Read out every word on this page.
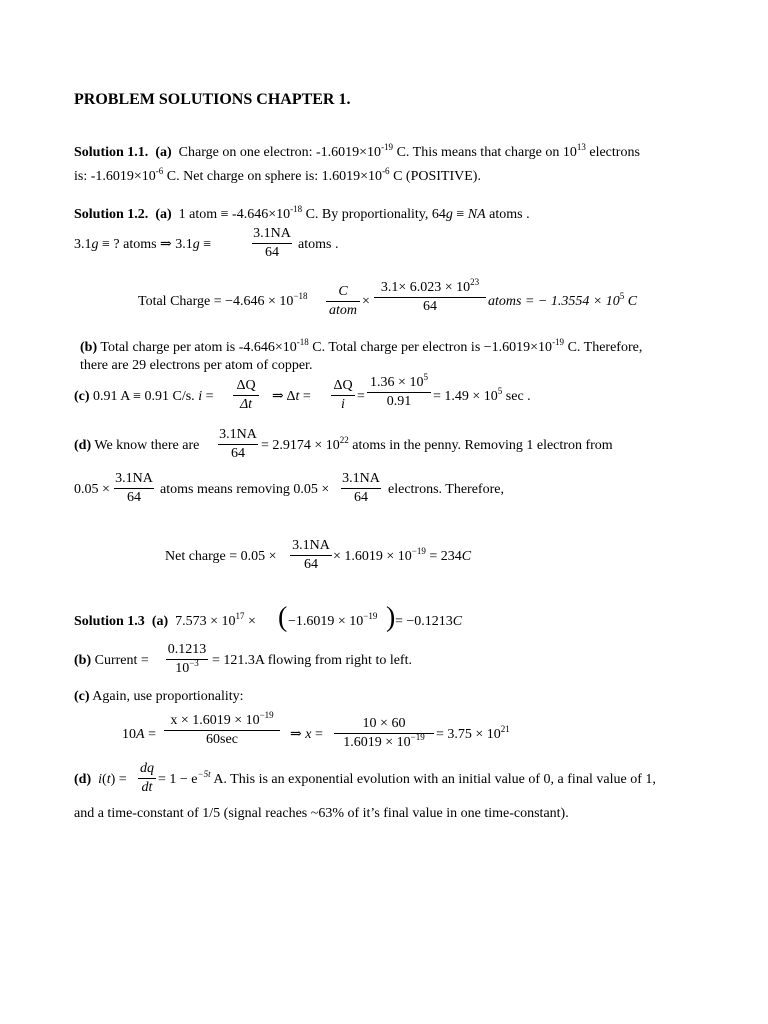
PROBLEM SOLUTIONS CHAPTER 1.
Solution 1.1. (a) Charge on one electron: $-1.6019\times 10^{-19}$ C. This means that charge on $10^{13}$ electrons
is: $-1.6019\times 10^{-6}$ C. Net charge on sphere is: $1.6019\times 10^{-6}$ C (POSITIVE).
Solution 1.2. (a) 1 atom ≡ $-4.646\times 10^{-18}$ C. By proportionality, 64g ≡ NA atoms .
3.1g ≡ ? atoms ⇒ 3.1g ≡
3.1NA
64
atoms .
Total Charge = $-4.646 \times 10^{-18}$	C
atom
×
$3.1\times 6.023 \times 10^{23}$
64	atoms = − $1.3554 \times 10^5$ C
(b) Total charge per atom is $-4.646\times 10^{-18}$ C. Total charge per electron is $-1.6019\times 10^{-19}$ C. Therefore,
there are 29 electrons per atom of copper.
(c) 0.91 A ≡ 0.91 C/s. i =
ΔQ
Δt
⇒ Δt =
ΔQ
i
=
$1.36 \times 10^5$
0.91	= $1.49 \times 10^5$ sec .
(d) We know there are
3.1NA
64
= $2.9174 \times 10^{22}$ atoms in the penny. Removing 1 electron from
0.05 ×
3.1NA
64
atoms means removing 0.05 ×
3.1NA
64
electrons. Therefore,
Net charge = 0.05 ×
3.1NA
64
× $1.6019 \times 10^{-19} = 234C$
Solution 1.3 (a) $7.573 \times 10^{17}$ × ( $-1.6019 \times 10^{-19}$ ) = −0.1213C
(b) Current =
0.1213
$10^{-3} = 121.3A$ flowing from right to left.
(c) Again, use proportionality:
10A =
$x \times 1.6019 \times 10^{-19}$
60sec	⇒ x =
10 × 60
$1.6019 \times 10^{-19} = 3.75 \times 10^{21}$
(d) i(t) =
dq
dt
= $1 - e^{-5t}$ A. This is an exponential evolution with an initial value of 0, a final value of 1,
and a time-constant of 1/5 (signal reaches ~63% of it’s final value in one time-constant).
